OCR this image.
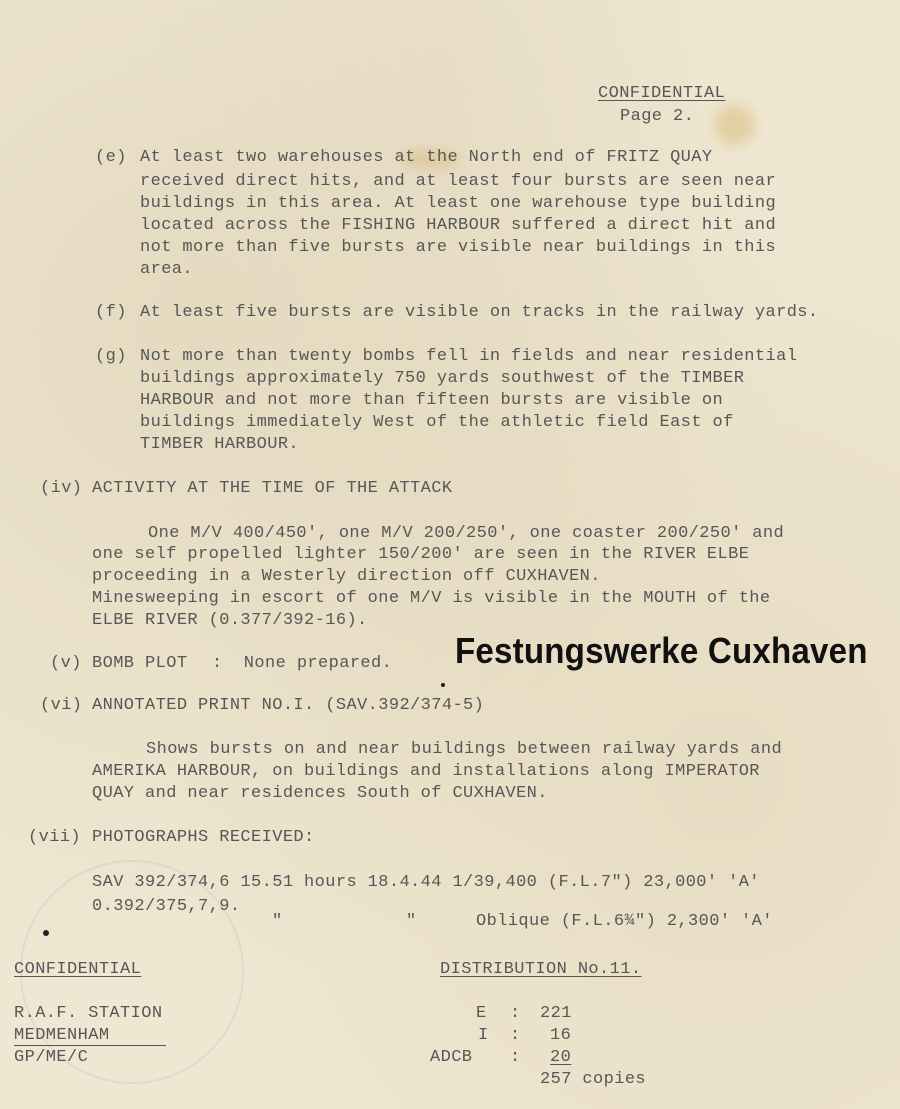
CONFIDENTIAL
Page 2.
(e) At least two warehouses at the North end of FRITZ QUAY
received direct hits, and at least four bursts are seen near
buildings in this area. At least one warehouse type building
located across the FISHING HARBOUR suffered a direct hit and
not more than five bursts are visible near buildings in this
area.
(f) At least five bursts are visible on tracks in the railway yards.
(g) Not more than twenty bombs fell in fields and near residential
buildings approximately 750 yards southwest of the TIMBER
HARBOUR and not more than fifteen bursts are visible on
buildings immediately West of the athletic field East of
TIMBER HARBOUR.
(iv) ACTIVITY AT THE TIME OF THE ATTACK
One M/V 400/450', one M/V 200/250', one coaster 200/250' and
one self propelled lighter 150/200' are seen in the RIVER ELBE
proceeding in a Westerly direction off CUXHAVEN.
Minesweeping in escort of one M/V is visible in the MOUTH of the
ELBE RIVER (0.377/392-16).
Festungswerke Cuxhaven
(v) BOMB PLOT :  None prepared.
(vi) ANNOTATED PRINT NO.I. (SAV.392/374-5)
Shows bursts on and near buildings between railway yards and
AMERIKA HARBOUR, on buildings and installations along IMPERATOR
QUAY and near residences South of CUXHAVEN.
(vii) PHOTOGRAPHS RECEIVED:
SAV 392/374,6 15.51 hours 18.4.44 1/39,400 (F.L.7") 23,000' 'A'
0.392/375,7,9.
"	"	Oblique (F.L.6¾") 2,300' 'A'
CONFIDENTIAL	DISTRIBUTION No.11.
R.A.F. STATION
MEDMENHAM
GP/ME/C
E : 221
I : 16
ADCB : 20
257 copies
